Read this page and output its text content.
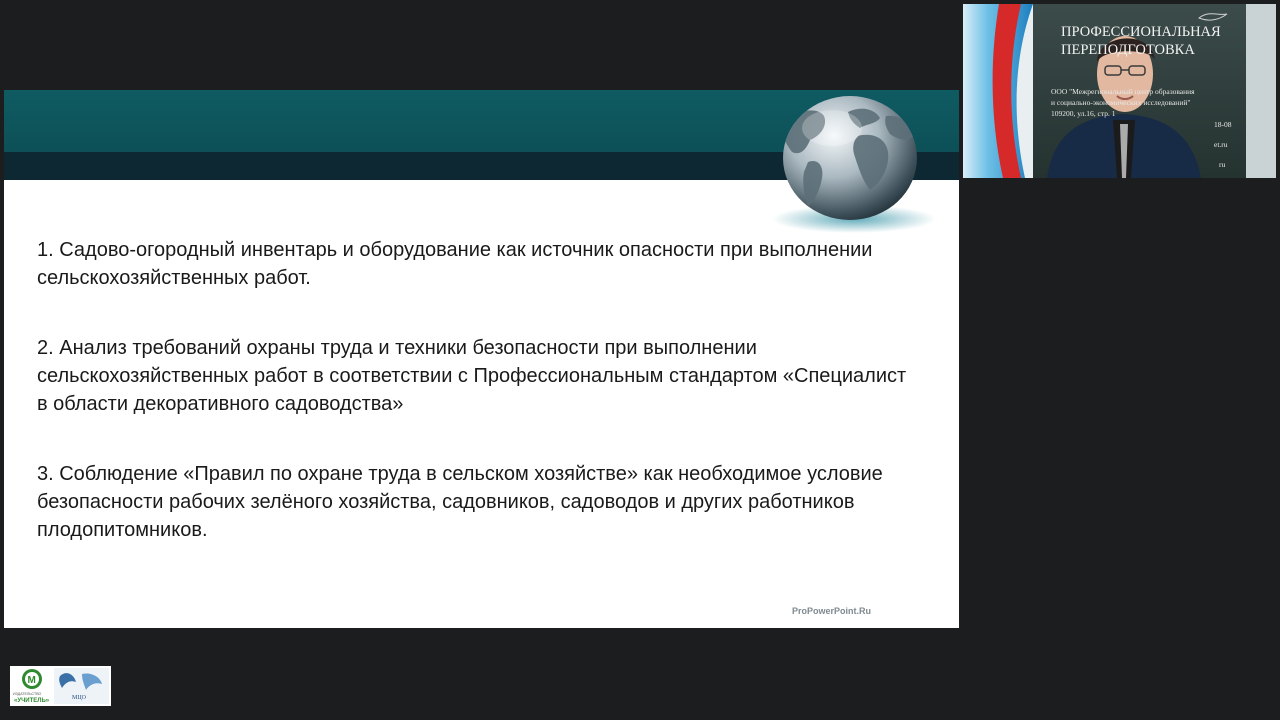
1. Садово-огородный инвентарь и оборудование как источник опасности при выполнении сельскохозяйственных работ.

2. Анализ требований охраны труда и техники безопасности при выполнении сельскохозяйственных работ в соответствии с Профессиональным стандартом «Специалист в области декоративного садоводства»

3. Соблюдение «Правил по охране труда в сельском хозяйстве» как необходимое условие безопасности рабочих зелёного хозяйства, садовников, садоводов и других работников плодопитомников.

ProPowerPoint.Ru
ПРОФЕССИОНАЛЬНАЯ
ПЕРЕПОДГОТОВКА
ООО "Межрегиональный центр образования
и социально-экономических исследований"
109200, ул.16, стр. 1
18-08
et.ru
ru
М
ИЗДАТЕЛЬСТВО
«УЧИТЕЛЬ»	МЦО
